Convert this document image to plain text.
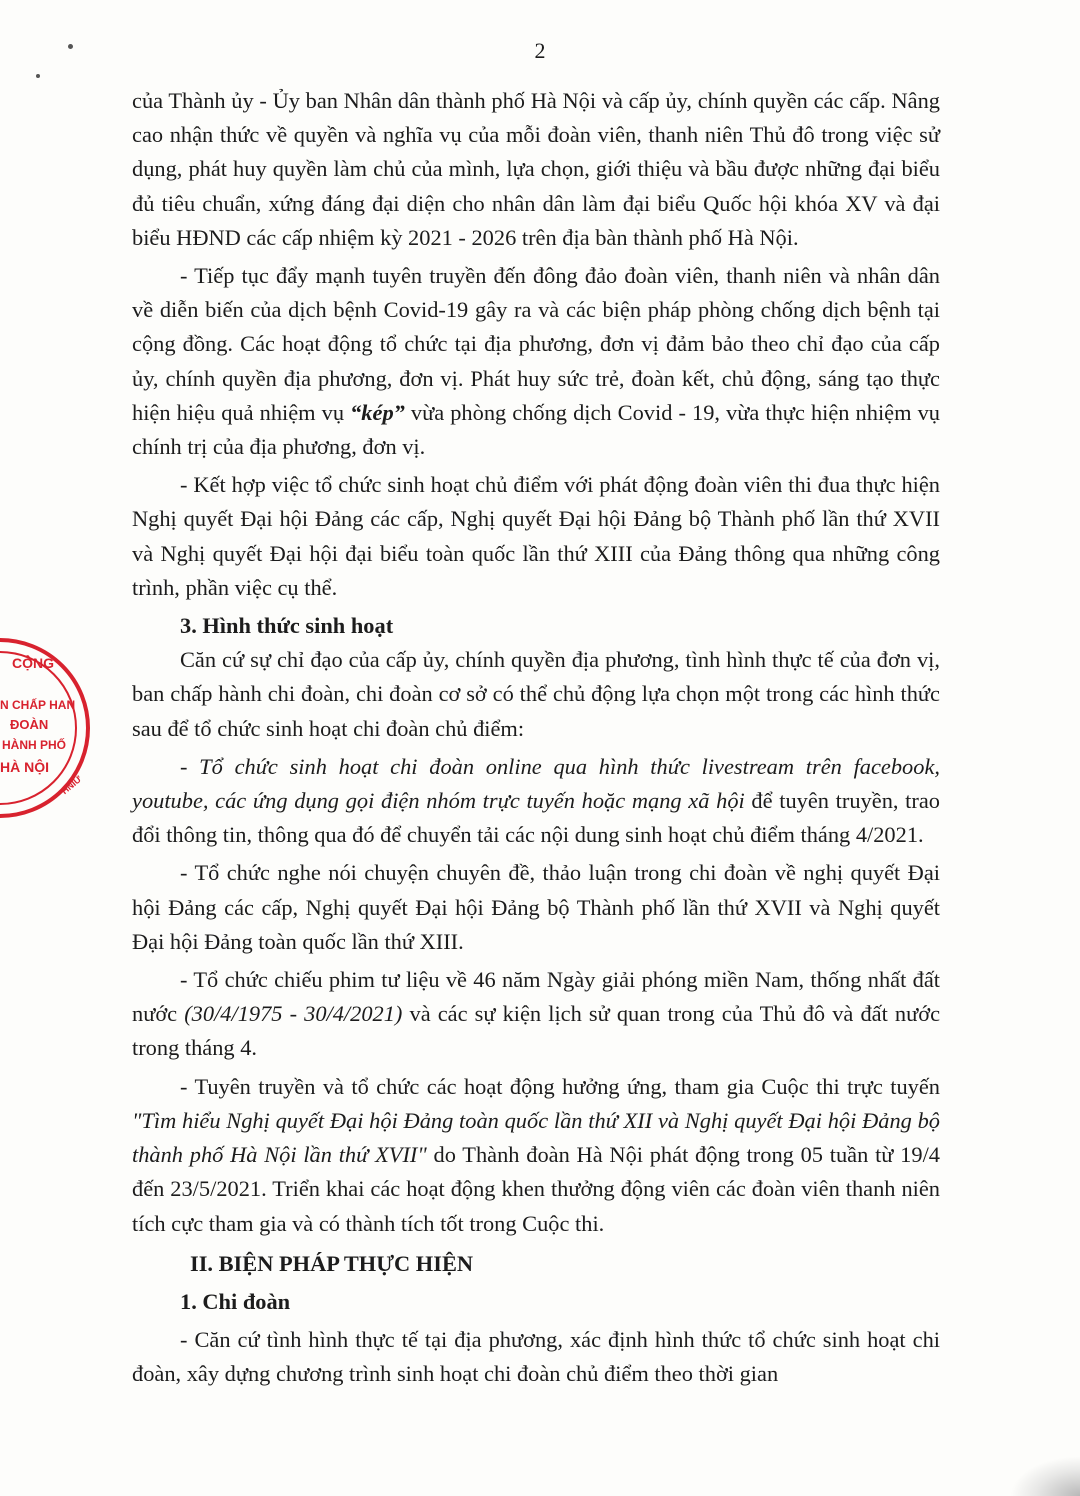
2
CỘNG
N CHẤP HAN
ĐOÀN
HÀNH PHỐ
HÀ NỘI
HNIƯ

của Thành ủy - Ủy ban Nhân dân thành phố Hà Nội và cấp ủy, chính quyền các cấp. Nâng cao nhận thức về quyền và nghĩa vụ của mỗi đoàn viên, thanh niên Thủ đô trong việc sử dụng, phát huy quyền làm chủ của mình, lựa chọn, giới thiệu và bầu được những đại biểu đủ tiêu chuẩn, xứng đáng đại diện cho nhân dân làm đại biểu Quốc hội khóa XV và đại biểu HĐND các cấp nhiệm kỳ 2021 - 2026 trên địa bàn thành phố Hà Nội.

- Tiếp tục đẩy mạnh tuyên truyền đến đông đảo đoàn viên, thanh niên và nhân dân về diễn biến của dịch bệnh Covid-19 gây ra và các biện pháp phòng chống dịch bệnh tại cộng đồng. Các hoạt động tổ chức tại địa phương, đơn vị đảm bảo theo chỉ đạo của cấp ủy, chính quyền địa phương, đơn vị. Phát huy sức trẻ, đoàn kết, chủ động, sáng tạo thực hiện hiệu quả nhiệm vụ “kép” vừa phòng chống dịch Covid - 19, vừa thực hiện nhiệm vụ chính trị của địa phương, đơn vị.

- Kết hợp việc tổ chức sinh hoạt chủ điểm với phát động đoàn viên thi đua thực hiện Nghị quyết Đại hội Đảng các cấp, Nghị quyết Đại hội Đảng bộ Thành phố lần thứ XVII và Nghị quyết Đại hội đại biểu toàn quốc lần thứ XIII của Đảng thông qua những công trình, phần việc cụ thể.

3. Hình thức sinh hoạt

Căn cứ sự chỉ đạo của cấp ủy, chính quyền địa phương, tình hình thực tế của đơn vị, ban chấp hành chi đoàn, chi đoàn cơ sở có thể chủ động lựa chọn một trong các hình thức sau để tổ chức sinh hoạt chi đoàn chủ điểm:

- Tổ chức sinh hoạt chi đoàn online qua hình thức livestream trên facebook, youtube, các ứng dụng gọi điện nhóm trực tuyến hoặc mạng xã hội để tuyên truyền, trao đổi thông tin, thông qua đó để chuyển tải các nội dung sinh hoạt chủ điểm tháng 4/2021.

- Tổ chức nghe nói chuyện chuyên đề, thảo luận trong chi đoàn về nghị quyết Đại hội Đảng các cấp, Nghị quyết Đại hội Đảng bộ Thành phố lần thứ XVII và Nghị quyết Đại hội Đảng toàn quốc lần thứ XIII.

- Tổ chức chiếu phim tư liệu về 46 năm Ngày giải phóng miền Nam, thống nhất đất nước (30/4/1975 - 30/4/2021) và các sự kiện lịch sử quan trong của Thủ đô và đất nước trong tháng 4.

- Tuyên truyền và tổ chức các hoạt động hưởng ứng, tham gia Cuộc thi trực tuyến "Tìm hiểu Nghị quyết Đại hội Đảng toàn quốc lần thứ XII và Nghị quyết Đại hội Đảng bộ thành phố Hà Nội lần thứ XVII" do Thành đoàn Hà Nội phát động trong 05 tuần từ 19/4 đến 23/5/2021. Triển khai các hoạt động khen thưởng động viên các đoàn viên thanh niên tích cực tham gia và có thành tích tốt trong Cuộc thi.

II. BIỆN PHÁP THỰC HIỆN

1. Chi đoàn

- Căn cứ tình hình thực tế tại địa phương, xác định hình thức tổ chức sinh hoạt chi đoàn, xây dựng chương trình sinh hoạt chi đoàn chủ điểm theo thời gian
